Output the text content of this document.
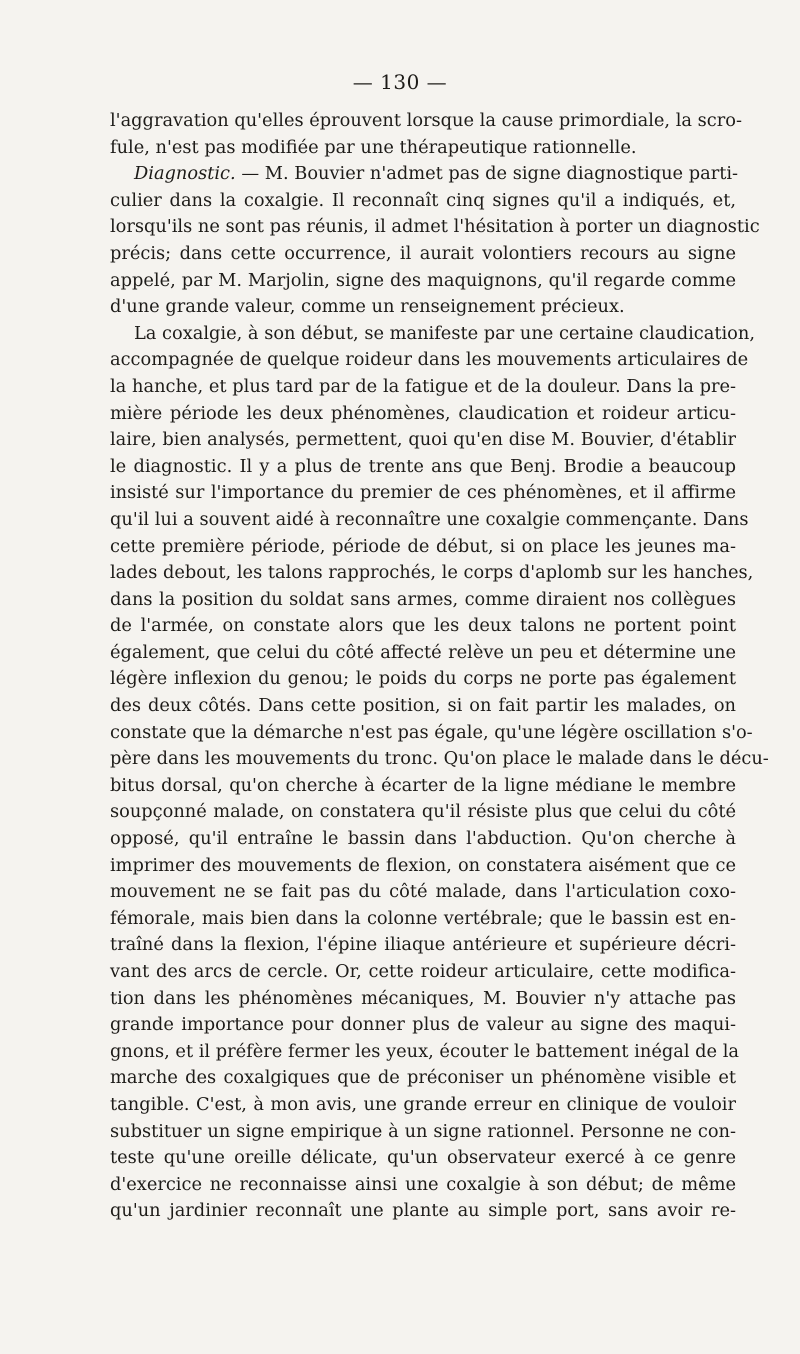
— 130 —
l'aggravation qu'elles éprouvent lorsque la cause primordiale, la scro-
fule, n'est pas modifiée par une thérapeutique rationnelle.
Diagnostic. — M. Bouvier n'admet pas de signe diagnostique parti-
culier dans la coxalgie. Il reconnaît cinq signes qu'il a indiqués, et,
lorsqu'ils ne sont pas réunis, il admet l'hésitation à porter un diagnostic
précis; dans cette occurrence, il aurait volontiers recours au signe
appelé, par M. Marjolin, signe des maquignons, qu'il regarde comme
d'une grande valeur, comme un renseignement précieux.
La coxalgie, à son début, se manifeste par une certaine claudication,
accompagnée de quelque roideur dans les mouvements articulaires de
la hanche, et plus tard par de la fatigue et de la douleur. Dans la pre-
mière période les deux phénomènes, claudication et roideur articu-
laire, bien analysés, permettent, quoi qu'en dise M. Bouvier, d'établir
le diagnostic. Il y a plus de trente ans que Benj. Brodie a beaucoup
insisté sur l'importance du premier de ces phénomènes, et il affirme
qu'il lui a souvent aidé à reconnaître une coxalgie commençante. Dans
cette première période, période de début, si on place les jeunes ma-
lades debout, les talons rapprochés, le corps d'aplomb sur les hanches,
dans la position du soldat sans armes, comme diraient nos collègues
de l'armée, on constate alors que les deux talons ne portent point
également, que celui du côté affecté relève un peu et détermine une
légère inflexion du genou; le poids du corps ne porte pas également
des deux côtés. Dans cette position, si on fait partir les malades, on
constate que la démarche n'est pas égale, qu'une légère oscillation s'o-
père dans les mouvements du tronc. Qu'on place le malade dans le décu-
bitus dorsal, qu'on cherche à écarter de la ligne médiane le membre
soupçonné malade, on constatera qu'il résiste plus que celui du côté
opposé, qu'il entraîne le bassin dans l'abduction. Qu'on cherche à
imprimer des mouvements de flexion, on constatera aisément que ce
mouvement ne se fait pas du côté malade, dans l'articulation coxo-
fémorale, mais bien dans la colonne vertébrale; que le bassin est en-
traîné dans la flexion, l'épine iliaque antérieure et supérieure décri-
vant des arcs de cercle. Or, cette roideur articulaire, cette modifica-
tion dans les phénomènes mécaniques, M. Bouvier n'y attache pas
grande importance pour donner plus de valeur au signe des maqui-
gnons, et il préfère fermer les yeux, écouter le battement inégal de la
marche des coxalgiques que de préconiser un phénomène visible et
tangible. C'est, à mon avis, une grande erreur en clinique de vouloir
substituer un signe empirique à un signe rationnel. Personne ne con-
teste qu'une oreille délicate, qu'un observateur exercé à ce genre
d'exercice ne reconnaisse ainsi une coxalgie à son début; de même
qu'un jardinier reconnaît une plante au simple port, sans avoir re-
